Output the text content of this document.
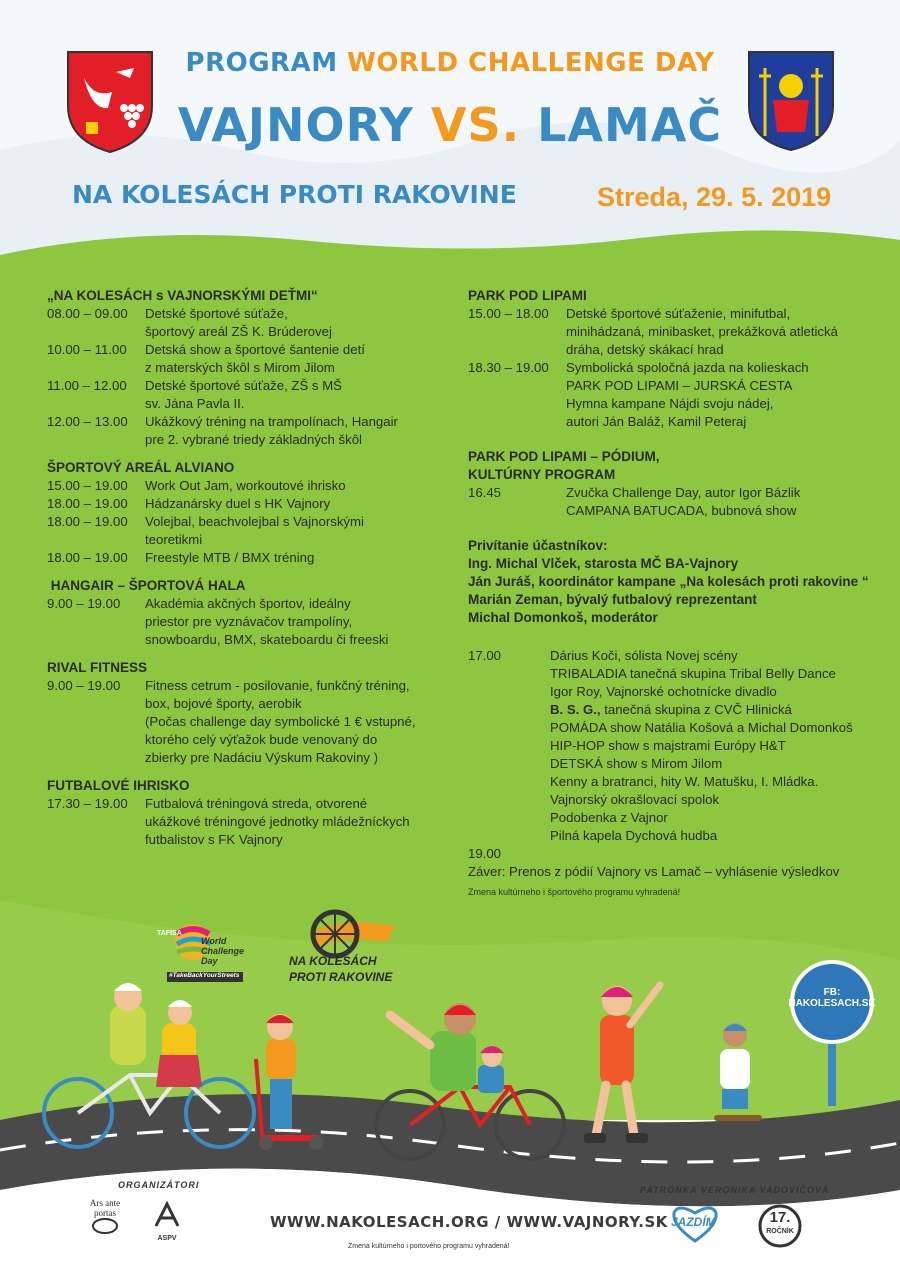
PROGRAM WORLD CHALLENGE DAY
VAJNORY VS. LAMAČ
NA KOLESÁCH PROTI RAKOVINE	Streda, 29. 5. 2019
„NA KOLESÁCH s VAJNORSKÝMI DEŤMI“
08.00 – 09.00 Detské športové súťaže,
športový areál ZŠ K. Brúderovej
10.00 – 11.00 Detská show a športové šantenie detí
z materských škôl s Mirom Jilom
11.00 – 12.00 Detské športové súťaže, ZŠ s MŠ
sv. Jána Pavla II.
12.00 – 13.00 Ukážkový tréning na trampolínach, Hangair
pre 2. vybrané triedy základných škôl
ŠPORTOVÝ AREÁL ALVIANO
15.00 – 19.00 Work Out Jam, workoutové ihrisko
18.00 – 19.00 Hádzanársky duel s HK Vajnory
18.00 – 19.00 Volejbal, beachvolejbal s Vajnorskými
teoretikmi
18.00 – 19.00 Freestyle MTB / BMX tréning
HANGAIR – ŠPORTOVÁ HALA
9.00 – 19.00 Akadémia akčných športov, ideálny
priestor pre vyznávačov trampolíny,
snowboardu, BMX, skateboardu či freeski
RIVAL FITNESS
9.00 – 19.00 Fitness cetrum - posilovanie, funkčný tréning,
box, bojové športy, aerobik
(Počas challenge day symbolické 1 € vstupné,
ktorého celý výťažok bude venovaný do
zbierky pre Nadáciu Výskum Rakoviny )
FUTBALOVÉ IHRISKO
17.30 – 19.00 Futbalová tréningová streda, otvorené
ukážkové tréningové jednotky mládežníckych
futbalistov s FK Vajnory
PARK POD LIPAMI
15.00 – 18.00 Detské športové súťaženie, minifutbal,
minihádzaná, minibasket, prekážková atletická
dráha, detský skákací hrad
18.30 – 19.00 Symbolická spoločná jazda na kolieskach
PARK POD LIPAMI – JURSKÁ CESTA
Hymna kampane Nájdi svoju nádej,
autori Ján Baláž, Kamil Peteraj
PARK POD LIPAMI – PÓDIUM,
KULTÚRNY PROGRAM
16.45	Zvučka Challenge Day, autor Igor Bázlik
CAMPANA BATUCADA, bubnová show
Privítanie účastníkov:
Ing. Michal Vlček, starosta MČ BA-Vajnory
Ján Juráš, koordinátor kampane „Na kolesách proti rakovine “
Marián Zeman, bývalý futbalový reprezentant
Michal Domonkoš, moderátor
17.00	Dárius Koči, sólista Novej scény
TRIBALADIA tanečná skupina Tribal Belly Dance
Igor Roy, Vajnorské ochotnícke divadlo
B. S. G., tanečná skupina z CVČ Hlinická
POMÁDA show Natália Košová a Michal Domonkoš
HIP-HOP show s majstrami Európy H&T
DETSKÁ show s Mirom Jilom
Kenny a bratranci, hity W. Matušku, I. Mládka.
Vajnorský okrašlovací spolok
Podobenka z Vajnor
Pilná kapela Dychová hudba
19.00
Záver: Prenos z pódií Vajnory vs Lamač – vyhlásenie výsledkov
Zmena kultúrneho i športového programu vyhradená!
TAFISA
World
Challenge
Day
#TakeBackYourStreets
NA KOLESÁCH
PROTI RAKOVINE
FB:
NAKOLESACH.SK
ORGANIZÁTORI
Ars ante portas
ASPV
WWW.NAKOLESACH.ORG / WWW.VAJNORY.SK
Zmena kultúrneho i portového programu vyhradená!
PATRÓNKA VERONIKA VADOVIČOVÁ
JAZDÍM	17.
ROČNÍK
